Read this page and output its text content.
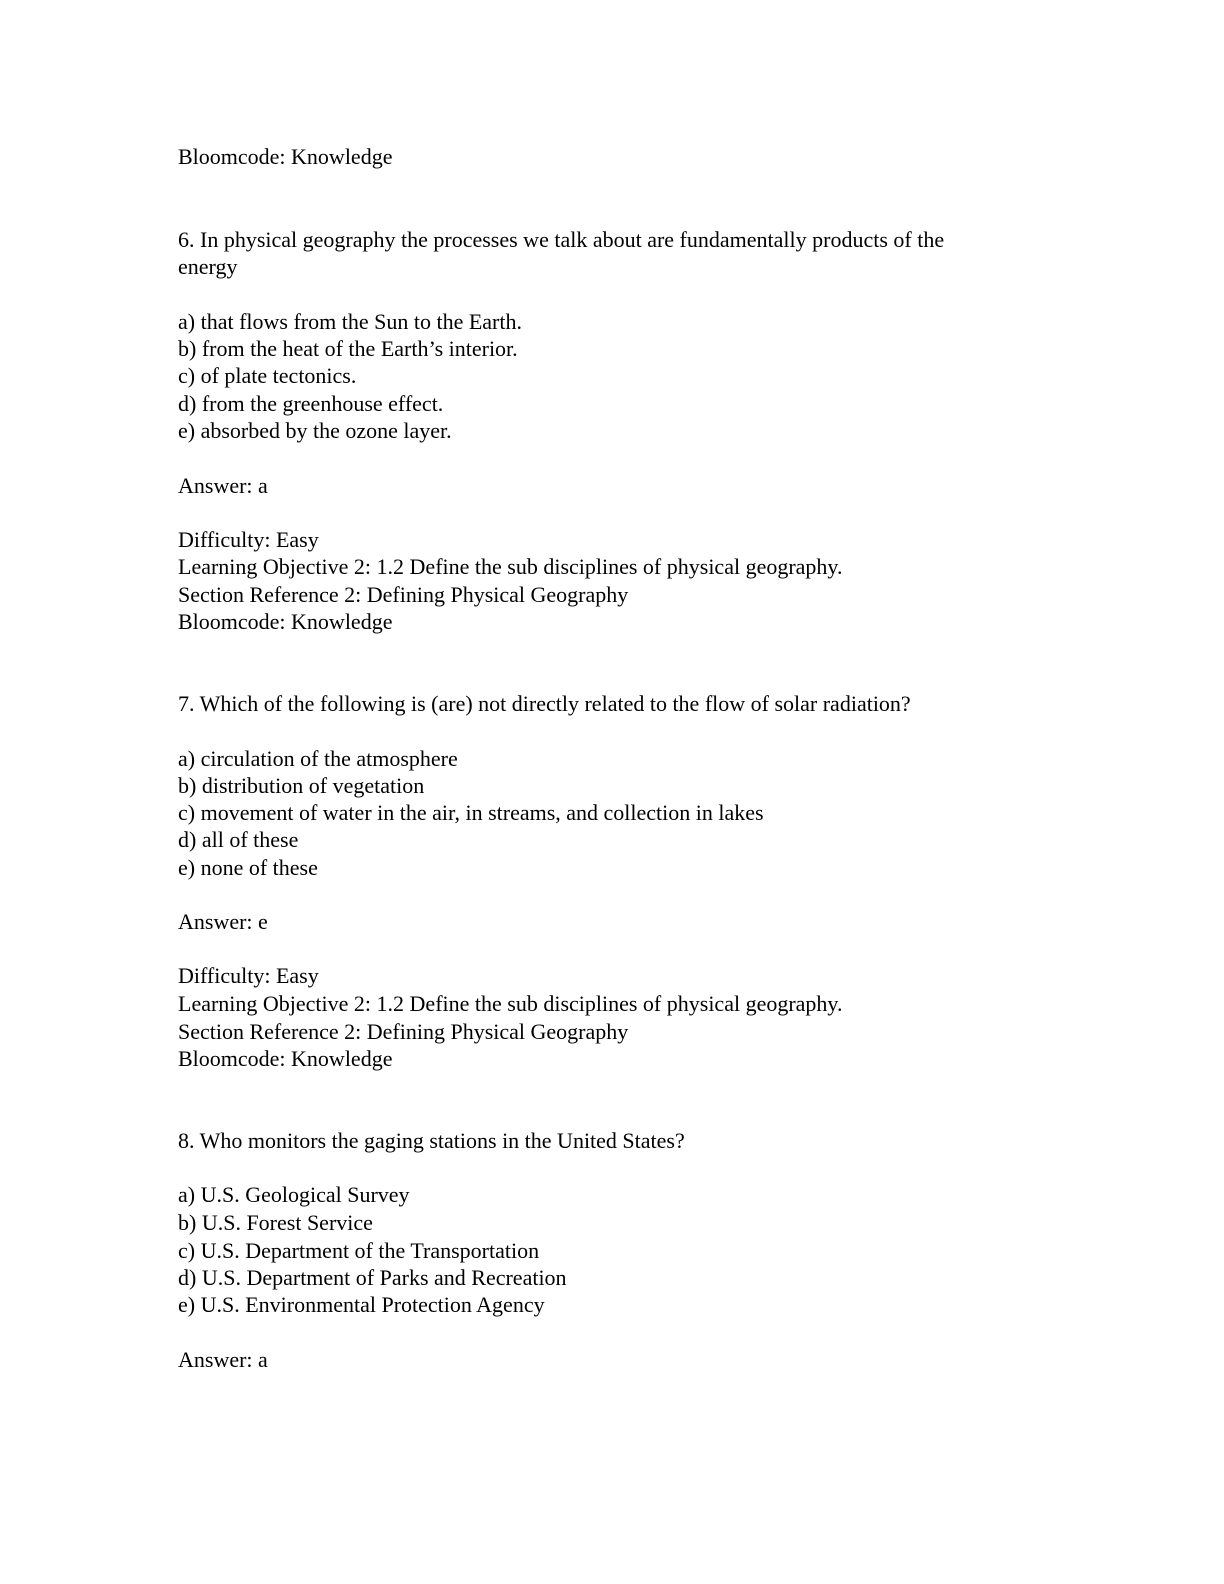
Bloomcode: Knowledge
6. In physical geography the processes we talk about are fundamentally products of the
energy
a) that flows from the Sun to the Earth.
b) from the heat of the Earth’s interior.
c) of plate tectonics.
d) from the greenhouse effect.
e) absorbed by the ozone layer.
Answer: a
Difficulty: Easy
Learning Objective 2: 1.2 Define the sub disciplines of physical geography.
Section Reference 2: Defining Physical Geography
Bloomcode: Knowledge
7. Which of the following is (are) not directly related to the flow of solar radiation?
a) circulation of the atmosphere
b) distribution of vegetation
c) movement of water in the air, in streams, and collection in lakes
d) all of these
e) none of these
Answer: e
Difficulty: Easy
Learning Objective 2: 1.2 Define the sub disciplines of physical geography.
Section Reference 2: Defining Physical Geography
Bloomcode: Knowledge
8. Who monitors the gaging stations in the United States?
a) U.S. Geological Survey
b) U.S. Forest Service
c) U.S. Department of the Transportation
d) U.S. Department of Parks and Recreation
e) U.S. Environmental Protection Agency
Answer: a
